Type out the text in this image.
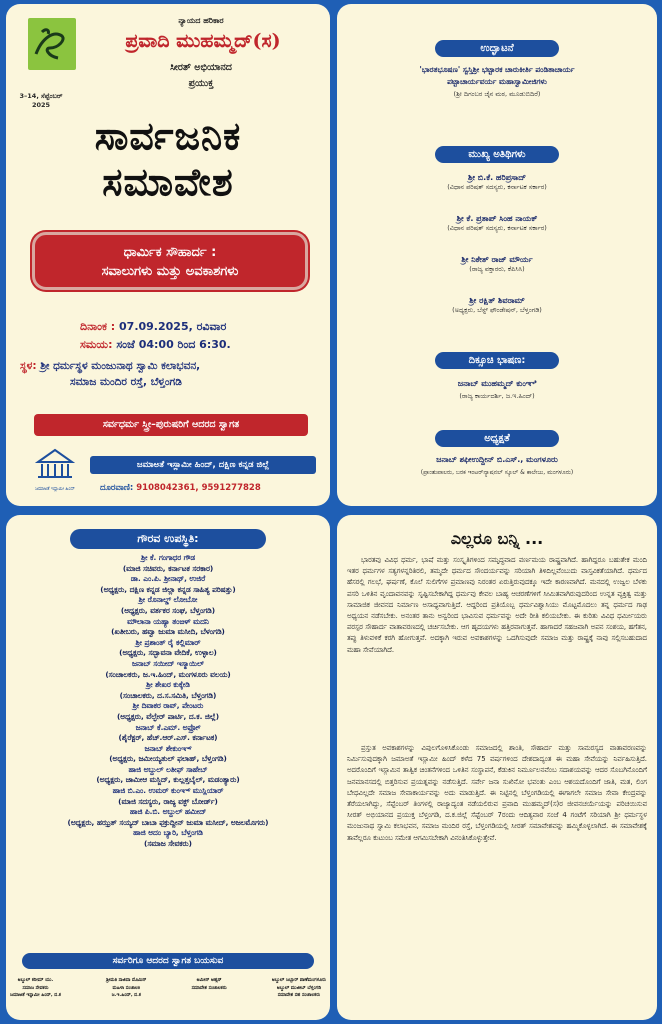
3–14, ಸೆಪ್ಟೆಂಬರ್
2025
ನ್ಯಾಯದ ಹರಿಕಾರ
ಪ್ರವಾದಿ ಮುಹಮ್ಮದ್(ಸ)
ಸೀರತ್ ಅಭಿಯಾನದ
ಪ್ರಯುಕ್ತ
ಸಾರ್ವಜನಿಕ
ಸಮಾವೇಶ
ಧಾರ್ಮಿಕ ಸೌಹಾರ್ದ :
ಸವಾಲುಗಳು ಮತ್ತು ಅವಕಾಶಗಳು
ದಿನಾಂಕ : 07.09.2025, ರವಿವಾರ
ಸಮಯ: ಸಂಜೆ 04:00 ರಿಂದ 6:30.
ಸ್ಥಳ: ಶ್ರೀ ಧರ್ಮಸ್ಥಳ ಮಂಜುನಾಥ ಸ್ವಾಮಿ ಕಲಾಭವನ,
ಸಮಾಜ ಮಂದಿರ ರಸ್ತೆ, ಬೆಳ್ತಂಗಡಿ
ಸರ್ವಧರ್ಮ ಸ್ತ್ರೀ–ಪುರುಷರಿಗೆ ಆದರದ ಸ್ವಾಗತ
ಜಮಾಅತೆ ಇಸ್ಲಾಮೀ ಹಿಂದ್
ಜಮಾಅತೆ ಇಸ್ಲಾಮೀ ಹಿಂದ್, ದಕ್ಷಿಣ ಕನ್ನಡ ಜಿಲ್ಲೆ
ದೂರವಾಣಿ: 9108042361, 9591277828
ಉದ್ಘಾಟನೆ
'ಭಾರತಭೂಷಣ' ಸ್ವಸ್ತಿಶ್ರೀ ಭಟ್ಟಾರಕ ಚಾರುಕೀರ್ತಿ ಪಂಡಿತಾಚಾರ್ಯ
ಪಟ್ಟಾಚಾರ್ಯವರ್ಯ ಮಹಾಸ್ವಾಮೀಜಿಗಳು
(ಶ್ರೀ ದಿಗಂಬರ ಜೈನ ಮಠ, ಮೂಡುಬಿದಿರೆ)
ಮುಖ್ಯ ಅತಿಥಿಗಳು
ಶ್ರೀ ಬಿ.ಕೆ. ಹರಿಪ್ರಸಾದ್
(ವಿಧಾನ ಪರಿಷತ್ ಸದಸ್ಯರು, ಕರ್ನಾಟಕ ಸರ್ಕಾರ)
ಶ್ರೀ ಕೆ. ಪ್ರತಾಪ್ ಸಿಂಹ ನಾಯಕ್
(ವಿಧಾನ ಪರಿಷತ್ ಸದಸ್ಯರು, ಕರ್ನಾಟಕ ಸರ್ಕಾರ)
ಶ್ರೀ ನಿಕೇತ್ ರಾಜ್ ಮೌರ್ಯ
(ರಾಜ್ಯ ವಕ್ತಾರರು, ಕೆಪಿಸಿಸಿ)
ಶ್ರೀ ರಕ್ಷಿತ್ ಶಿವರಾಮ್
(ಅಧ್ಯಕ್ಷರು, ಬೆಸ್ಟ್ ಫೌಂಡೇಷನ್, ಬೆಳ್ತಂಗಡಿ)
ದಿಕ್ಸೂಚಿ ಭಾಷಣ:
ಜನಾಬ್ ಮುಹಮ್ಮದ್ ಕುಂಞಿ
(ರಾಜ್ಯ ಕಾರ್ಯದರ್ಶಿ, ಜ.ಇ.ಹಿಂದ್)
ಅಧ್ಯಕ್ಷತೆ
ಜನಾಬ್ ಶಫೀಉದ್ದೀನ್ ಬಿ.ಎಸ್., ಮಂಗಳೂರು
(ಪ್ರಾಂಶುಪಾಲರು, ಬರಕ ಇಂಟರ್‌ನ್ಯಾಷನಲ್ ಸ್ಕೂಲ್ & ಕಾಲೇಜು, ಮಂಗಳೂರು)
ಗೌರವ ಉಪಸ್ಥಿತಿ:
ಶ್ರೀ ಕೆ. ಗಂಗಾಧರ ಗೌಡ
(ಮಾಜಿ ಸಚಿವರು, ಕರ್ನಾಟಕ ಸರಕಾರ)
ಡಾ. ಎಂ.ಪಿ. ಶ್ರೀನಾಥ್, ಉಜಿರೆ
(ಅಧ್ಯಕ್ಷರು, ದಕ್ಷಿಣ ಕನ್ನಡ ಜಿಲ್ಲಾ ಕನ್ನಡ ಸಾಹಿತ್ಯ ಪರಿಷತ್ತು)
ಶ್ರೀ ರೊನಾಲ್ಡ್ ಲೋಬೋ
(ಅಧ್ಯಕ್ಷರು, ವರ್ತಕರ ಸಂಘ, ಬೆಳ್ತಂಗಡಿ)
ಮೌಲಾನಾ ಯಹ್ಯಾ ತಂಙಳ್ ಮದನಿ
(ಖತೀಬರು, ಹವ್ವಾ ಜುಮಾ ಮಸೀದಿ, ಬೆಳಂಗಡಿ)
ಶ್ರೀ ಪ್ರಶಾಂತ್ ರೈ ಕಲ್ಲಿಮಾರ್
(ಅಧ್ಯಕ್ಷರು, ಸದ್ಭಾವನಾ ವೇದಿಕೆ, ಉಳ್ಳಾಲ)
ಜನಾಬ್ ಸಯೀದ್ ಇಸ್ಮಾಯಿಲ್
(ಸಂಚಾಲಕರು, ಜ.ಇ.ಹಿಂದ್, ಮಂಗಳೂರು ವಲಯ)
ಶ್ರೀ ಶೇಖರ ಕುಕ್ಕೇಡಿ
(ಸಂಚಾಲಕರು, ದ.ಸ.ಸಮಿತಿ, ಬೆಳ್ತಂಗಡಿ)
ಶ್ರೀ ದಿವಾಕರ ರಾವ್, ಪೇಂಟರು
(ಅಧ್ಯಕ್ಷರು, ವೆಲ್ಫೇರ್ ಪಾರ್ಟಿ, ದ.ಕ. ಜಿಲ್ಲೆ)
ಜನಾಬ್ ಕೆ.ಎಮ್. ಅಫ್ರೋ್
(ಶೈರೆಕ್ಟರ್, ಹೆಚ್.ಆರ್.ಎಸ್. ಕರ್ನಾಟಕ)
ಜನಾಬ್ ಶೇಕುಂಞ್
(ಅಧ್ಯಕ್ಷರು, ಜಮೀಯ್ಯತುಲ್ ಫಲಾಹ್, ಬೆಳ್ತಂಗಡಿ)
ಹಾಜಿ ಅಬ್ದುಲ್ ಲತೀಫ್ ಸಾಹೇಬ್
(ಅಧ್ಯಕ್ಷರು, ಜಾಮೀಆ ಮಸ್ಜಿದ್, ಕುಲ್ಲತ್ತಬೈಲ್, ಮಡಂತ್ಯಾರು)
ಹಾಜಿ ಬಿ.ಎಂ. ಉಮರ್ ಕುಂಞ್ ಮುಸ್ಲಿಯಾರ್
(ಮಾಜಿ ಸದಸ್ಯರು, ರಾಜ್ಯ ವಕ್ಫ್ ಬೋರ್ಡ್)
ಹಾಜಿ ಪಿ.ಬಿ. ಅಬ್ದುಲ್ ಹಮೀದ್
(ಅಧ್ಯಕ್ಷರು, ಹಝ್ರತ್ ಸಯ್ಯದ್ ಬಾಬಾ ಫಕ್ರುದ್ದೀನ್ ಜುಮಾ ಮಸೀದ್, ಅಜಲಮೊಗರು)
ಹಾಜಿ ಅದಂ ಬ್ಯಾರಿ, ಬೆಳ್ತಂಗಡಿ
(ಸಮಾಜ ಸೇವಕರು)
ಸರ್ವರಿಗೂ ಆದರದ ಸ್ವಾಗತ ಬಯಸುವ
ಅಬ್ದುಲ್ ಕರೀಮ್ ಯು.
ಸಮಾಜ ಸೇವಕರು
ಜಮಾಅತೆ ಇಸ್ಲಾಮೀ ಹಿಂದ್, ದ.ಕ
ಶ್ರೀಮತಿ ಸಾಜಿದಾ ಮೊಮಿನ್
ಮಹಿಳಾ ಸಂಚಾಲಕಿ
ಜ.ಇ.ಹಿಂದ್, ದ.ಕ
ಅಮೀನ್ ಅಹ್ಸನ್
ಸಮಾವೇಶ ಸಂಚಾಲಕರು
ಅಬ್ದುಲ್ ಜಬ್ಬಾರ್ ಪಾಣೆಮಂಗಳೂರು
ಅಬ್ದುಲ್ ಮುಜೀಬ್ ಬೆಳ್ತಂಗಡಿ
ಸಮಾವೇಶ ಸಹ ಸಂಚಾಲಕರು
ಎಲ್ಲರೂ ಬನ್ನಿ ...
ಭಾರತವು ವಿವಿಧ ಧರ್ಮ, ಭಾಷೆ ಮತ್ತು ಸಂಸ್ಕೃತಿಗಳಿಂದ ಸಮೃದ್ಧವಾದ ವರ್ಣಮಯ ರಾಷ್ಟ್ರವಾಗಿದೆ. ಹಾಗಿದ್ದರೂ ಬಹುತೇಕ ಮಂದಿ ಇತರ ಧರ್ಮಗಳ ಸತ್ಯಗಳನ್ನರಿತಿರಲಿ, ತಮ್ಮದೇ ಧರ್ಮದ ಸೌಂದರ್ಯವನ್ನು ಸರಿಯಾಗಿ ತಿಳಿದಿಲ್ಲವೆಂಬುದು ವಾಸ್ತವಿಕತೆಯಾಗಿದೆ. ಧರ್ಮದ ಹೆಸರಲ್ಲಿ ಗಲಭೆ, ಘರ್ಷಣೆ, ಕೊಲೆ ಸುಲಿಗೆಗಳ ಪ್ರಮಾಣವು ನಿರಂತರ ಏರುತ್ತಿರುವುದಕ್ಕೂ ಇದೇ ಕಾರಣವಾಗಿದೆ. ಮನದಲ್ಲಿ ಉಜ್ವಲ ಬೆಳಕು ಪಸರಿ ಒಳಿತಿನ ವೃಂದಾವನವನ್ನು ಸೃಷ್ಟಿಸಬೇಕಾಗಿದ್ದ ಧರ್ಮವು ಕೇವಲ ಬಾಹ್ಯ ಆಚರಣೆಗಳಿಗೆ ಸೀಮಿತವಾಗಿರುವುದರಿಂದ ಉನ್ನತ ವ್ಯಕ್ತಿತ್ವ ಮತ್ತು ಸಾಮಾಜಿಕ ಜೀವನದ ನಿರ್ಮಾಣ ಅಸಾಧ್ಯವಾಗುತ್ತಿದೆ. ಆದ್ದರಿಂದ ಪ್ರತಿಯೊಬ್ಬ ಧರ್ಮವಿಶ್ವಾಸಿಯು ಮೊಟ್ಟಮೊದಲು ತನ್ನ ಧರ್ಮದ ಗಾಢ ಅಧ್ಯಯನ ನಡೆಸಬೇಕು. ಅನಂತರ ತಾನು ಅನ್ವರಿಂದ ಭಾವಿಸುವ ಧರ್ಮವನ್ನು ಅದೇ ರೀತಿ ಕಲಿಯಬೇಕು. ಈ ಕುರಿತು ವಿವಿಧ ಧರ್ಮೀಯರು ಪರಸ್ಪರ ಸೌಹಾರ್ದ ವಾತಾವರಣದಲ್ಲಿ ಚರ್ಚಿಸಬೇಕು. ಆಗ ಹೃದಯಗಳು ಹತ್ತಿರವಾಗುತ್ತವೆ. ಹಾಗಾದರೆ ಸಹಜವಾಗಿ ಅಪನ ಸಂಶಯ, ಹಗೆತನ, ತಪ್ಪು ತಿಳುವಳಿಕೆ ಕರಗಿ ಹೋಗುತ್ತವೆ. ಅದಕ್ಕಾಗಿ ಇರುವ ಅವಕಾಶಗಳನ್ನು ಒದಗಿಸುವುದೇ ಸಮಾಜ ಮತ್ತು ರಾಷ್ಟ್ರಕ್ಕೆ ನಾವು ಸಲ್ಲಿಸಬಹುದಾದ ಮಹಾ ಸೇವೆಯಾಗಿದೆ.
ಪ್ರಸ್ತುತ ಅವಕಾಶಗಳನ್ನು ವಿಪುಲಗೊಳಿಸಿಕೊಂಡು ಸಮಾಜದಲ್ಲಿ ಶಾಂತಿ, ಸೌಹಾರ್ದ ಮತ್ತು ಸಾಮರಸ್ಯದ ವಾತಾವರಣವನ್ನು ನಿರ್ಮಿಸುವುದಕ್ಕಾಗಿ ಜಮಾಅತೆ ಇಸ್ಲಾಮೀ ಹಿಂದ್ ಕಳೆದ 75 ವರ್ಷಗಳಿಂದ ದೇಶದಾದ್ಯಂತ ಈ ಮಹಾ ಸೇವೆಯನ್ನು ನಿರ್ವಹಿಸುತ್ತಿದೆ. ಅದರೊಂದಿಗೆ ಇಸ್ಲಾಮಿನ ತಾತ್ವಿಕ ಚಿಂತನೆಗಳಿಂದ ಒಳಿತಿನ ಸಂಸ್ಥಾಪನೆ, ಕೆಡುಕಿನ ನಿರ್ಮೂಲನವೆಂಬ ಸದಾಶಯವನ್ನು ಆದರ ಸೊಬಗಿನೊಂದಿಗೆ ಜನಮಾನಸದಲ್ಲಿ ಬಿತ್ತರಿಸುವ ಪ್ರಯತ್ನವನ್ನು ನಡೆಸುತ್ತಿದೆ. ಸರ್ವೇ ಜನಾ ಸುಖಿನೋ ಭವಂತು ಎಂಬ ಆಶಯದೊಂದಿಗೆ ಜಾತಿ, ಮತ, ಲಿಂಗ ಬೇಧವಿಲ್ಲದೇ ಸಮಾಜ ಸೇವಾಕಾರ್ಯವನ್ನು ಅದು ಮಾಡುತ್ತಿದೆ. ಈ ನಿಟ್ಟಿನಲ್ಲಿ ಬೆಳ್ತಂಗಡಿಯಲ್ಲಿ ಈಗಾಗಲೇ ಸಮಾಜ ಸೇವಾ ಕೇಂದ್ರವನ್ನು ತೆರೆಯಲಾಗಿದ್ದು, ಸೆಪ್ಟೆಂಬರ್ ತಿಂಗಳಲ್ಲಿ ರಾಜ್ಯಾದ್ಯಂತ ನಡೆಯಲಿರುವ ಪ್ರವಾದಿ ಮುಹಮ್ಮದ್(ಸ)ರ ಜೀವನಚರ್ಯೆಯನ್ನು ಪರಿಚಯಿಸುವ ಸೀರತ್ ಅಭಿಯಾನದ ಪ್ರಯುಕ್ತ ಬೆಳ್ತಂಗಡಿ, ದ.ಕ.ಜಿಲ್ಲೆ ಸೆಪ್ಟೆಂಬರ್ 7ರಂದು ಆದಿತ್ಯವಾರ ಸಂಜೆ 4 ಗಂಟೆಗೆ ಸರಿಯಾಗಿ ಶ್ರೀ ಧರ್ಮಸ್ಥಳ ಮಂಜುನಾಥ ಸ್ವಾಮಿ ಕಲಾಭವನ, ಸಮಾಜ ಮಂದಿರ ರಸ್ತೆ, ಬೆಳ್ತಂಗಡಿಯಲ್ಲಿ ಸೀರತ್ ಸಮಾವೇಶವನ್ನು ಹಮ್ಮಿಕೊಳ್ಳಲಾಗಿದೆ. ಈ ಸಮಾವೇಶಕ್ಕೆ ತಾವೆಲ್ಲರೂ ಕುಟುಂಬ ಸಮೇತ ಆಗಮಿಸಬೇಕಾಗಿ ವಿನಂತಿಸಿಕೊಳ್ಳುತ್ತೇವೆ.
